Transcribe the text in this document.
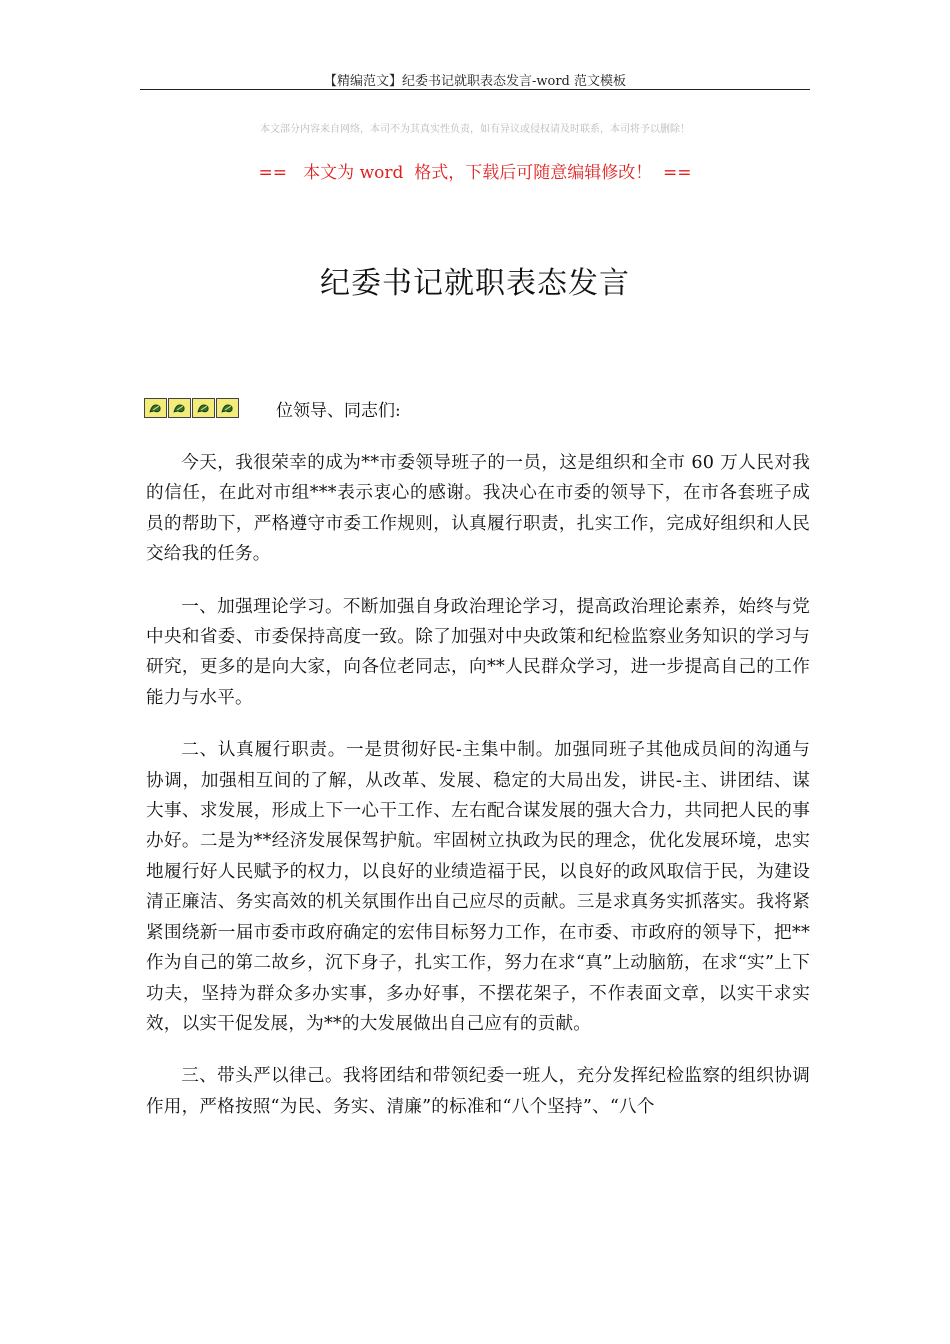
【精编范文】纪委书记就职表态发言-word 范文模板
本文部分内容来自网络，本司不为其真实性负责，如有异议或侵权请及时联系，本司将予以删除！
==   本文为 word  格式，下载后可随意编辑修改！  ==
纪委书记就职表态发言
位领导、同志们:

今天，我很荣幸的成为**市委领导班子的一员，这是组织和全市 60 万人民对我的信任，在此对市组***表示衷心的感谢。我决心在市委的领导下，在市各套班子成员的帮助下，严格遵守市委工作规则，认真履行职责，扎实工作，完成好组织和人民交给我的任务。

一、加强理论学习。不断加强自身政治理论学习，提高政治理论素养，始终与党中央和省委、市委保持高度一致。除了加强对中央政策和纪检监察业务知识的学习与研究，更多的是向大家，向各位老同志，向**人民群众学习，进一步提高自己的工作能力与水平。

二、认真履行职责。一是贯彻好民-主集中制。加强同班子其他成员间的沟通与协调，加强相互间的了解，从改革、发展、稳定的大局出发，讲民-主、讲团结、谋大事、求发展，形成上下一心干工作、左右配合谋发展的强大合力，共同把人民的事办好。二是为**经济发展保驾护航。牢固树立执政为民的理念，优化发展环境，忠实地履行好人民赋予的权力，以良好的业绩造福于民，以良好的政风取信于民，为建设清正廉洁、务实高效的机关氛围作出自己应尽的贡献。三是求真务实抓落实。我将紧紧围绕新一届市委市政府确定的宏伟目标努力工作，在市委、市政府的领导下，把**作为自己的第二故乡，沉下身子，扎实工作，努力在求“真”上动脑筋，在求“实”上下功夫，坚持为群众多办实事，多办好事，不摆花架子，不作表面文章，以实干求实效，以实干促发展，为**的大发展做出自己应有的贡献。

三、带头严以律己。我将团结和带领纪委一班人，充分发挥纪检监察的组织协调作用，严格按照“为民、务实、清廉”的标准和“八个坚持”、“八个
